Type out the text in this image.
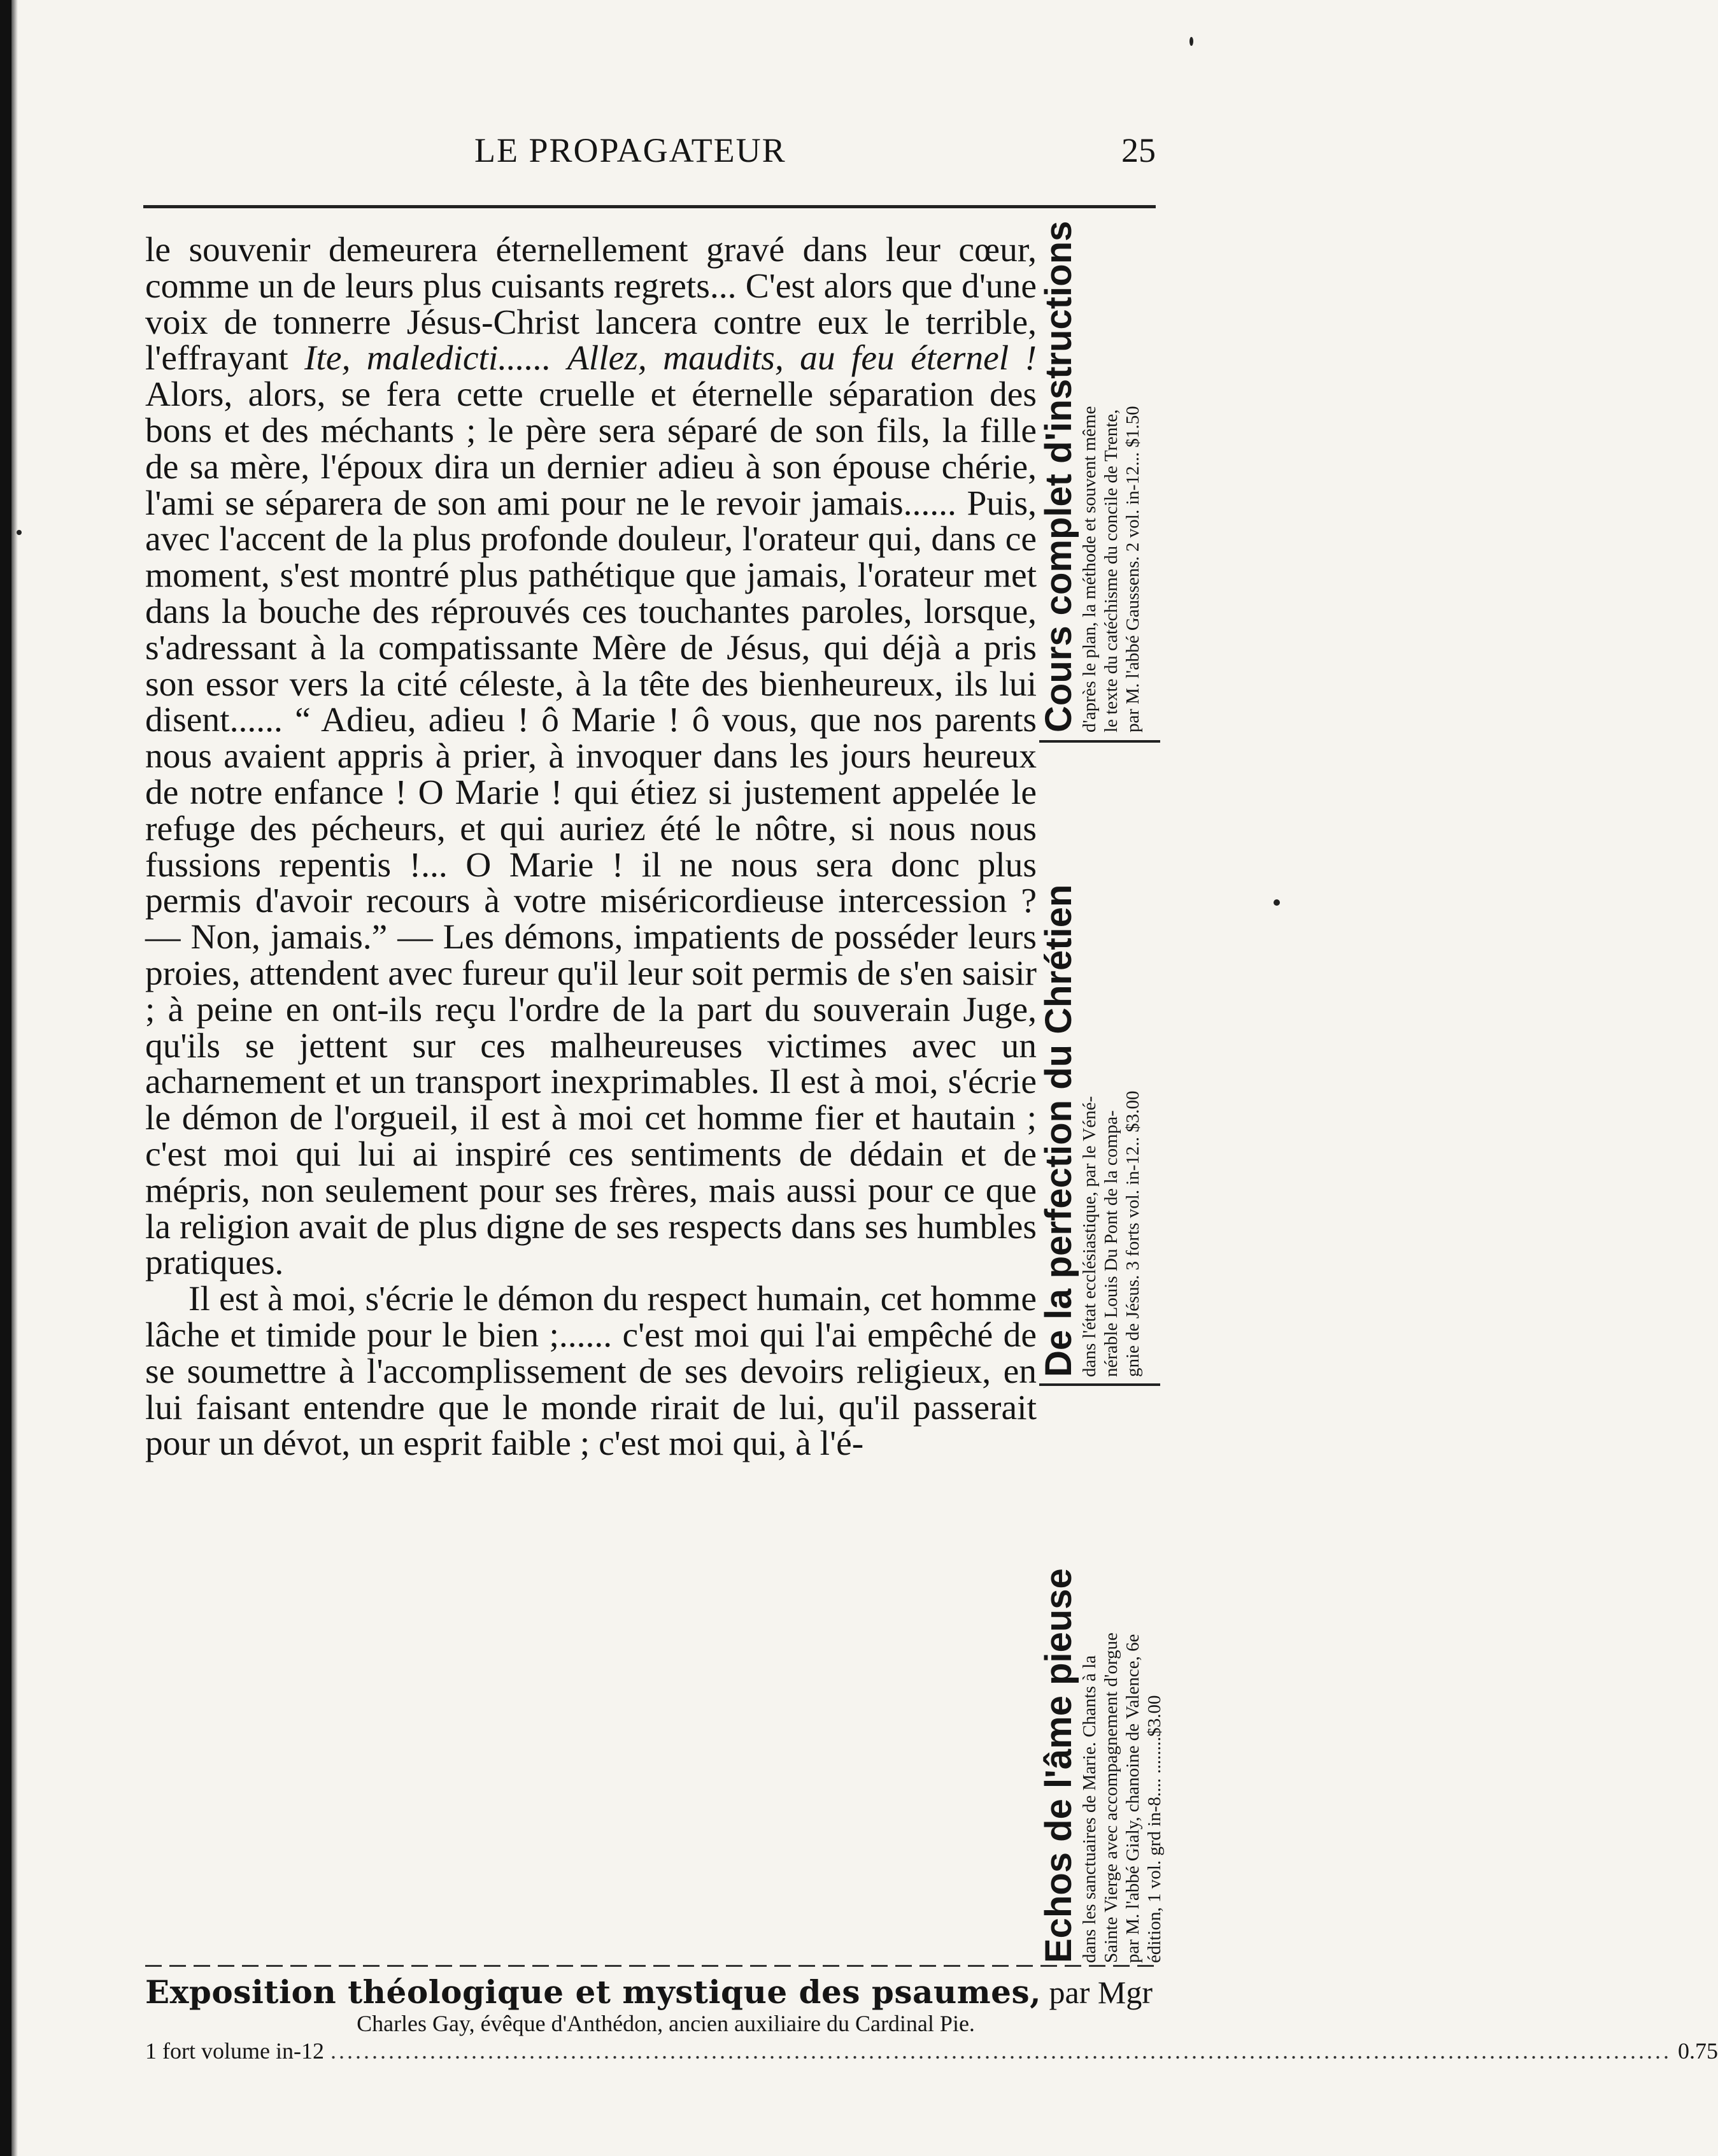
LE PROPAGATEUR	25

le souvenir demeurera éternellement gravé dans leur cœur, comme un de leurs plus cuisants regrets... C'est alors que d'une voix de tonnerre Jésus-Christ lancera contre eux le terrible, l'effrayant Ite, maledicti...... Allez, maudits, au feu éternel ! Alors, alors, se fera cette cruelle et éternelle séparation des bons et des méchants ; le père sera séparé de son fils, la fille de sa mère, l'époux dira un dernier adieu à son épouse chérie, l'ami se séparera de son ami pour ne le revoir jamais...... Puis, avec l'accent de la plus profonde douleur, l'orateur qui, dans ce moment, s'est montré plus pathétique que jamais, l'orateur met dans la bouche des réprouvés ces touchantes paroles, lorsque, s'adressant à la compatissante Mère de Jésus, qui déjà a pris son essor vers la cité céleste, à la tête des bienheureux, ils lui disent...... “ Adieu, adieu ! ô Marie ! ô vous, que nos parents nous avaient appris à prier, à invoquer dans les jours heureux de notre enfance ! O Marie ! qui étiez si justement appelée le refuge des pécheurs, et qui auriez été le nôtre, si nous nous fussions repentis !... O Marie ! il ne nous sera donc plus permis d'avoir recours à votre miséricordieuse intercession ? — Non, jamais.” — Les démons, impatients de posséder leurs proies, attendent avec fureur qu'il leur soit permis de s'en saisir ; à peine en ont-ils reçu l'ordre de la part du souverain Juge, qu'ils se jettent sur ces malheureuses victimes avec un acharnement et un transport inexprimables. Il est à moi, s'écrie le démon de l'orgueil, il est à moi cet homme fier et hautain ; c'est moi qui lui ai inspiré ces sentiments de dédain et de mépris, non seulement pour ses frères, mais aussi pour ce que la religion avait de plus digne de ses respects dans ses humbles pratiques.

Il est à moi, s'écrie le démon du respect humain, cet homme lâche et timide pour le bien ;...... c'est moi qui l'ai empêché de se soumettre à l'accomplissement de ses devoirs religieux, en lui faisant entendre que le monde rirait de lui, qu'il passerait pour un dévot, un esprit faible ; c'est moi qui, à l'é-

Cours complet d'instructions d'après le plan, la méthode et souvent même le texte du catéchisme du concile de Trente, par M. l'abbé Gaussens. 2 vol. in-12... $1.50
De la perfection du Chrétien dans l'état ecclésiastique, par le Véné- nérable Louis Du Pont de la compa- gnie de Jésus. 3 forts vol. in-12.. $3.00
Echos de l'âme pieuse dans les sanctuaires de Marie. Chants à la Sainte Vierge avec accompagnement d'orgue par M. l'abbé Gialy, chanoine de Valence, 6e édition, 1 vol. grd in-8.... ........$3.00
Exposition théologique et mystique des psaumes, par Mgr
Charles Gay, évêque d'Anthédon, ancien auxiliaire du Cardinal Pie.
1 fort volume in-12 .................................................................................................................................................................. 0.75
